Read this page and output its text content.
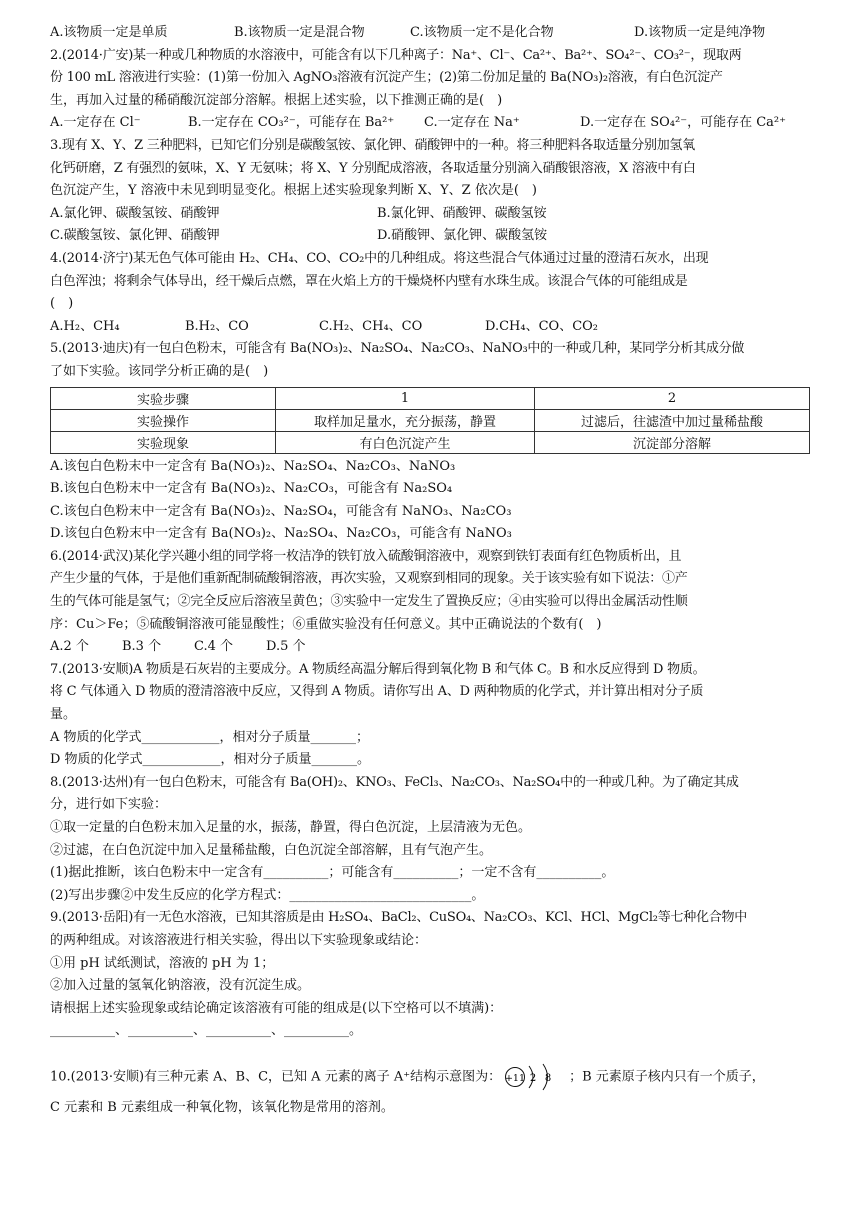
A.该物质一定是单质	B.该物质一定是混合物	C.该物质一定不是化合物	D.该物质一定是纯净物
2.(2014·广安)某一种或几种物质的水溶液中，可能含有以下几种离子：Na⁺、Cl⁻、Ca²⁺、Ba²⁺、SO₄²⁻、CO₃²⁻，现取两
份 100 mL 溶液进行实验：(1)第一份加入 AgNO₃溶液有沉淀产生；(2)第二份加足量的 Ba(NO₃)₂溶液，有白色沉淀产
生，再加入过量的稀硝酸沉淀部分溶解。根据上述实验，以下推测正确的是(　)
A.一定存在 Cl⁻	B.一定存在 CO₃²⁻，可能存在 Ba²⁺	C.一定存在 Na⁺	D.一定存在 SO₄²⁻，可能存在 Ca²⁺
3.现有 X、Y、Z 三种肥料，已知它们分别是碳酸氢铵、氯化钾、硝酸钾中的一种。将三种肥料各取适量分别加氢氧
化钙研磨，Z 有强烈的氨味，X、Y 无氨味；将 X、Y 分别配成溶液，各取适量分别滴入硝酸银溶液，X 溶液中有白
色沉淀产生，Y 溶液中未见到明显变化。根据上述实验现象判断 X、Y、Z 依次是(　)
A.氯化钾、碳酸氢铵、硝酸钾	B.氯化钾、硝酸钾、碳酸氢铵
C.碳酸氢铵、氯化钾、硝酸钾	D.硝酸钾、氯化钾、碳酸氢铵
4.(2014·济宁)某无色气体可能由 H₂、CH₄、CO、CO₂中的几种组成。将这些混合气体通过过量的澄清石灰水，出现
白色浑浊；将剩余气体导出，经干燥后点燃，罩在火焰上方的干燥烧杯内壁有水珠生成。该混合气体的可能组成是
(　)
A.H₂、CH₄	B.H₂、CO	C.H₂、CH₄、CO	D.CH₄、CO、CO₂
5.(2013·迪庆)有一包白色粉末，可能含有 Ba(NO₃)₂、Na₂SO₄、Na₂CO₃、NaNO₃中的一种或几种，某同学分析其成分做
了如下实验。该同学分析正确的是(　)
实验步骤	1	2
实验操作	取样加足量水，充分振荡，静置	过滤后，往滤渣中加过量稀盐酸
实验现象	有白色沉淀产生	沉淀部分溶解
A.该包白色粉末中一定含有 Ba(NO₃)₂、Na₂SO₄、Na₂CO₃、NaNO₃
B.该包白色粉末中一定含有 Ba(NO₃)₂、Na₂CO₃，可能含有 Na₂SO₄
C.该包白色粉末中一定含有 Ba(NO₃)₂、Na₂SO₄，可能含有 NaNO₃、Na₂CO₃
D.该包白色粉末中一定含有 Ba(NO₃)₂、Na₂SO₄、Na₂CO₃，可能含有 NaNO₃
6.(2014·武汉)某化学兴趣小组的同学将一枚洁净的铁钉放入硫酸铜溶液中，观察到铁钉表面有红色物质析出，且
产生少量的气体，于是他们重新配制硫酸铜溶液，再次实验，又观察到相同的现象。关于该实验有如下说法：①产
生的气体可能是氢气；②完全反应后溶液呈黄色；③实验中一定发生了置换反应；④由实验可以得出金属活动性顺
序：Cu＞Fe；⑤硫酸铜溶液可能显酸性；⑥重做实验没有任何意义。其中正确说法的个数有(　)
A.2 个	B.3 个	C.4 个	D.5 个
7.(2013·安顺)A 物质是石灰岩的主要成分。A 物质经高温分解后得到氧化物 B 和气体 C。B 和水反应得到 D 物质。
将 C 气体通入 D 物质的澄清溶液中反应，又得到 A 物质。请你写出 A、D 两种物质的化学式，并计算出相对分子质
量。
A 物质的化学式____________，相对分子质量_______；
D 物质的化学式____________，相对分子质量_______。
8.(2013·达州)有一包白色粉末，可能含有 Ba(OH)₂、KNO₃、FeCl₃、Na₂CO₃、Na₂SO₄中的一种或几种。为了确定其成
分，进行如下实验：
①取一定量的白色粉末加入足量的水，振荡，静置，得白色沉淀，上层清液为无色。
②过滤，在白色沉淀中加入足量稀盐酸，白色沉淀全部溶解，且有气泡产生。
(1)据此推断，该白色粉末中一定含有__________；可能含有__________；一定不含有__________。
(2)写出步骤②中发生反应的化学方程式：____________________________。
9.(2013·岳阳)有一无色水溶液，已知其溶质是由 H₂SO₄、BaCl₂、CuSO₄、Na₂CO₃、KCl、HCl、MgCl₂等七种化合物中
的两种组成。对该溶液进行相关实验，得出以下实验现象或结论：
①用 pH 试纸测试，溶液的 pH 为 1；
②加入过量的氢氧化钠溶液，没有沉淀生成。
请根据上述实验现象或结论确定该溶液有可能的组成是(以下空格可以不填满)：
__________、__________、__________、__________。
10.(2013·安顺)有三种元素 A、B、C，已知 A 元素的离子 A⁺结构示意图为： +11 2 8 ；B 元素原子核内只有一个质子，
C 元素和 B 元素组成一种氧化物，该氧化物是常用的溶剂。
